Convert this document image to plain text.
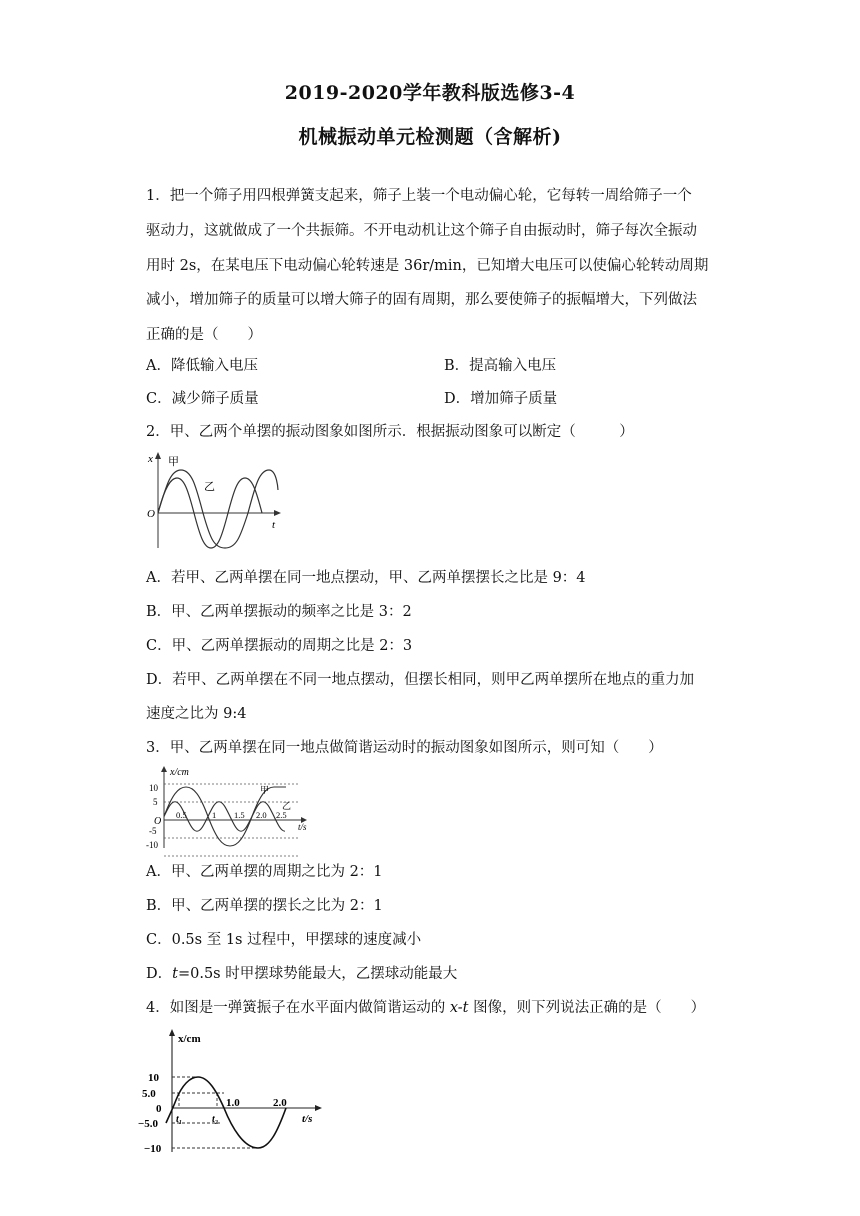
2019-2020学年教科版选修3-4
机械振动单元检测题（含解析)
1．把一个筛子用四根弹簧支起来，筛子上装一个电动偏心轮，它每转一周给筛子一个
驱动力，这就做成了一个共振筛。不开电动机让这个筛子自由振动时，筛子每次全振动
用时 2s，在某电压下电动偏心轮转速是 36r/min，已知增大电压可以使偏心轮转动周期
减小，增加筛子的质量可以增大筛子的固有周期，那么要使筛子的振幅增大，下列做法
正确的是（　　）
A．降低输入电压	B．提高输入电压
C．减少筛子质量	D．增加筛子质量
2．甲、乙两个单摆的振动图象如图所示．根据振动图象可以断定（　　　）
x
O
t
甲
乙
A．若甲、乙两单摆在同一地点摆动，甲、乙两单摆摆长之比是 9：4
B．甲、乙两单摆振动的频率之比是 3：2
C．甲、乙两单摆振动的周期之比是 2：3
D．若甲、乙两单摆在不同一地点摆动，但摆长相同，则甲乙两单摆所在地点的重力加
速度之比为 9:4
3．甲、乙两单摆在同一地点做简谐运动时的振动图象如图所示，则可知（　　）
x/cm
10
5
O
-5
-10
0.5	1 1.5 2.0 2.5
t/s
甲
乙
A．甲、乙两单摆的周期之比为 2：1
B．甲、乙两单摆的摆长之比为 2：1
C．0.5s 至 1s 过程中，甲摆球的速度减小
D．t=0.5s 时甲摆球势能最大，乙摆球动能最大
4．如图是一弹簧振子在水平面内做简谐运动的 x-t 图像，则下列说法正确的是（　　）
x/cm
10
5.0
0
−5.0
−10
1.0	2.0
t₁	t₂	t/s
